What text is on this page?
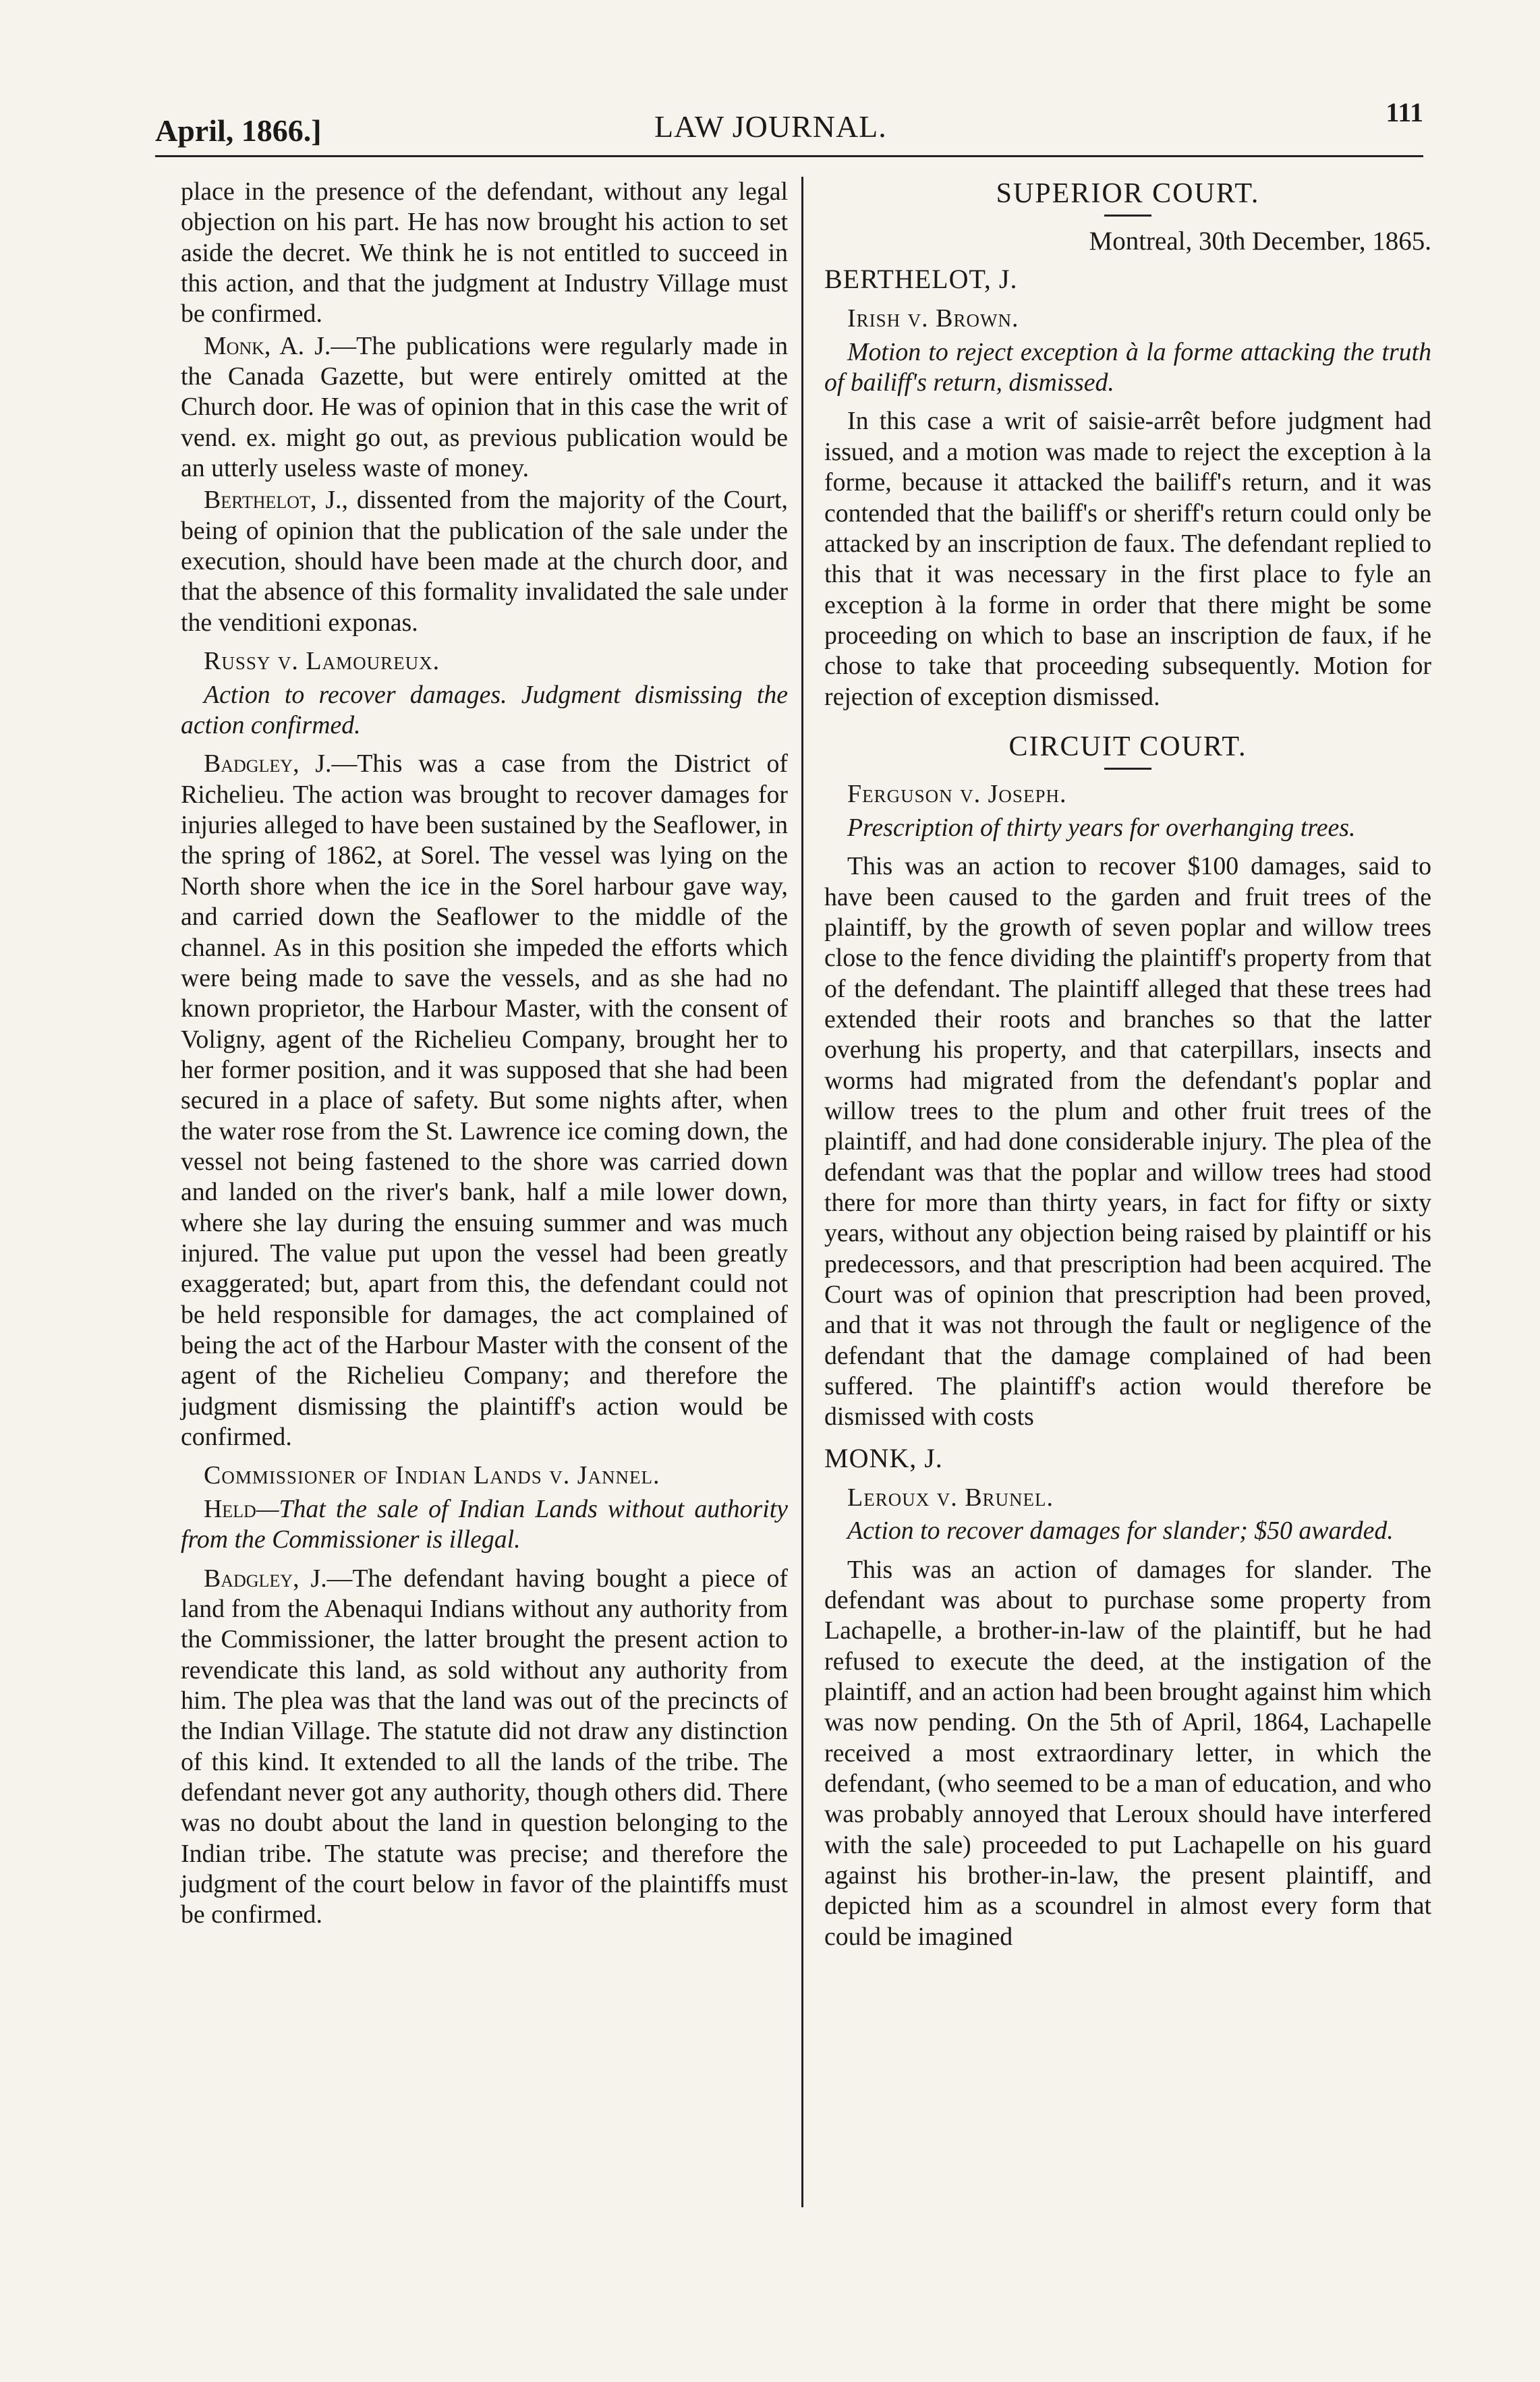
April, 1866.]	LAW JOURNAL.	111

place in the presence of the defendant, without any legal objection on his part. He has now brought his action to set aside the decret. We think he is not entitled to succeed in this action, and that the judgment at Industry Village must be confirmed.

Monk, A. J.—The publications were regularly made in the Canada Gazette, but were entirely omitted at the Church door. He was of opinion that in this case the writ of vend. ex. might go out, as previous publication would be an utterly useless waste of money.

Berthelot, J., dissented from the majority of the Court, being of opinion that the publication of the sale under the execution, should have been made at the church door, and that the absence of this formality invalidated the sale under the venditioni exponas.

Russy v. Lamoureux.

Action to recover damages. Judgment dismissing the action confirmed.

Badgley, J.—This was a case from the District of Richelieu. The action was brought to recover damages for injuries alleged to have been sustained by the Seaflower, in the spring of 1862, at Sorel. The vessel was lying on the North shore when the ice in the Sorel harbour gave way, and carried down the Seaflower to the middle of the channel. As in this position she impeded the efforts which were being made to save the vessels, and as she had no known proprietor, the Harbour Master, with the consent of Voligny, agent of the Richelieu Company, brought her to her former position, and it was supposed that she had been secured in a place of safety. But some nights after, when the water rose from the St. Lawrence ice coming down, the vessel not being fastened to the shore was carried down and landed on the river's bank, half a mile lower down, where she lay during the ensuing summer and was much injured. The value put upon the vessel had been greatly exaggerated; but, apart from this, the defendant could not be held responsible for damages, the act complained of being the act of the Harbour Master with the consent of the agent of the Richelieu Company; and therefore the judgment dismissing the plaintiff's action would be confirmed.

Commissioner of Indian Lands v. Jannel.

Held—That the sale of Indian Lands without authority from the Commissioner is illegal.

Badgley, J.—The defendant having bought a piece of land from the Abenaqui Indians without any authority from the Commissioner, the latter brought the present action to revendicate this land, as sold without any authority from him. The plea was that the land was out of the precincts of the Indian Village. The statute did not draw any distinction of this kind. It extended to all the lands of the tribe. The defendant never got any authority, though others did. There was no doubt about the land in question belonging to the Indian tribe. The statute was precise; and therefore the judgment of the court below in favor of the plaintiffs must be confirmed.

SUPERIOR COURT.
Montreal, 30th December, 1865.
BERTHELOT, J.
Irish v. Brown.

Motion to reject exception à la forme attacking the truth of bailiff's return, dismissed.

In this case a writ of saisie-arrêt before judgment had issued, and a motion was made to reject the exception à la forme, because it attacked the bailiff's return, and it was contended that the bailiff's or sheriff's return could only be attacked by an inscription de faux. The defendant replied to this that it was necessary in the first place to fyle an exception à la forme in order that there might be some proceeding on which to base an inscription de faux, if he chose to take that proceeding subsequently. Motion for rejection of exception dismissed.

CIRCUIT COURT.
Ferguson v. Joseph.

Prescription of thirty years for overhanging trees.

This was an action to recover $100 damages, said to have been caused to the garden and fruit trees of the plaintiff, by the growth of seven poplar and willow trees close to the fence dividing the plaintiff's property from that of the defendant. The plaintiff alleged that these trees had extended their roots and branches so that the latter overhung his property, and that caterpillars, insects and worms had migrated from the defendant's poplar and willow trees to the plum and other fruit trees of the plaintiff, and had done considerable injury. The plea of the defendant was that the poplar and willow trees had stood there for more than thirty years, in fact for fifty or sixty years, without any objection being raised by plaintiff or his predecessors, and that prescription had been acquired. The Court was of opinion that prescription had been proved, and that it was not through the fault or negligence of the defendant that the damage complained of had been suffered. The plaintiff's action would therefore be dismissed with costs

MONK, J.
Leroux v. Brunel.

Action to recover damages for slander; $50 awarded.

This was an action of damages for slander. The defendant was about to purchase some property from Lachapelle, a brother-in-law of the plaintiff, but he had refused to execute the deed, at the instigation of the plaintiff, and an action had been brought against him which was now pending. On the 5th of April, 1864, Lachapelle received a most extraordinary letter, in which the defendant, (who seemed to be a man of education, and who was probably annoyed that Leroux should have interfered with the sale) proceeded to put Lachapelle on his guard against his brother-in-law, the present plaintiff, and depicted him as a scoundrel in almost every form that could be imagined
